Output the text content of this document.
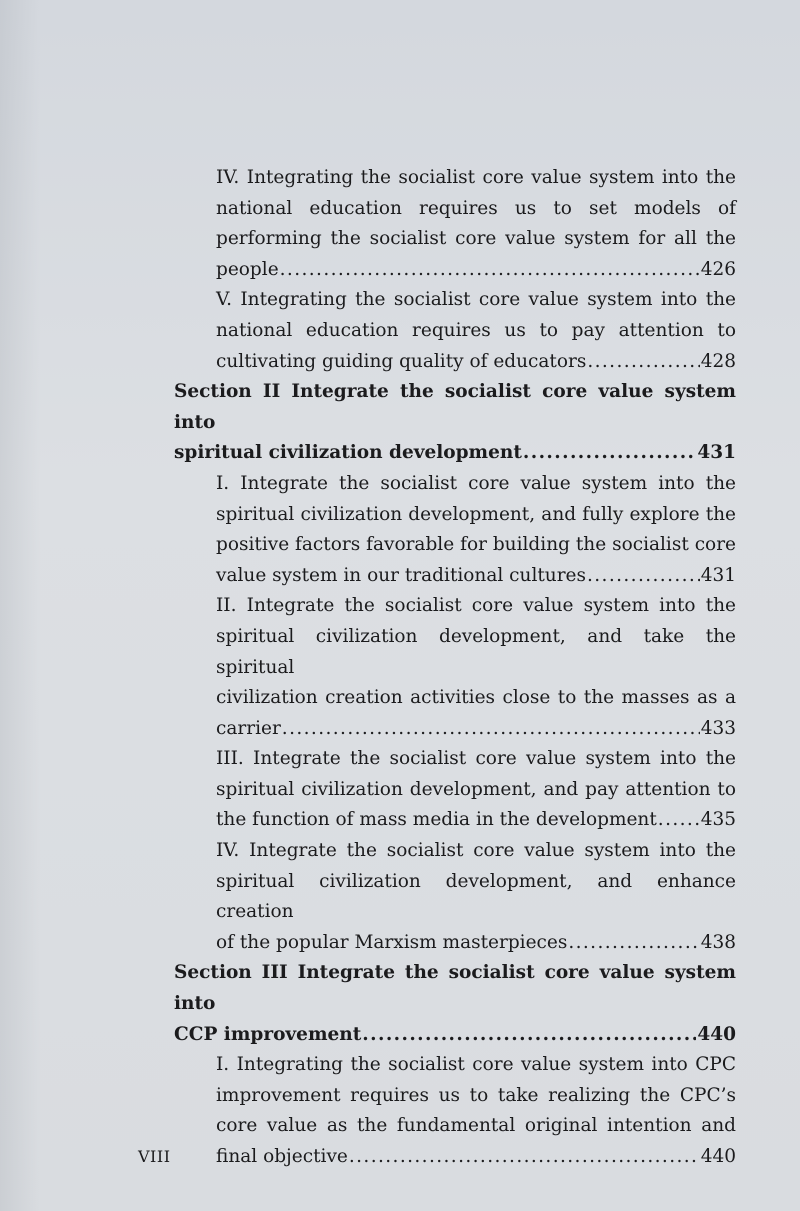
IV. Integrating the socialist core value system into the
national education requires us to set models of
performing the socialist core value system for all the
people .....	426
V. Integrating the socialist core value system into the
national education requires us to pay attention to
cultivating guiding quality of educators .....	428
Section II Integrate the socialist core value system into
spiritual civilization development .....	431
I. Integrate the socialist core value system into the
spiritual civilization development, and fully explore the
positive factors favorable for building the socialist core
value system in our traditional cultures .....	431
II. Integrate the socialist core value system into the
spiritual civilization development, and take the spiritual
civilization creation activities close to the masses as a
carrier .....	433
III. Integrate the socialist core value system into the
spiritual civilization development, and pay attention to
the function of mass media in the development ..... 435
IV. Integrate the socialist core value system into the
spiritual civilization development, and enhance creation
of the popular Marxism masterpieces .....	438
Section III Integrate the socialist core value system into
CCP improvement .....	440
I. Integrating the socialist core value system into CPC
improvement requires us to take realizing the CPC’s
core value as the fundamental original intention and
final objective .....	440
VIII
